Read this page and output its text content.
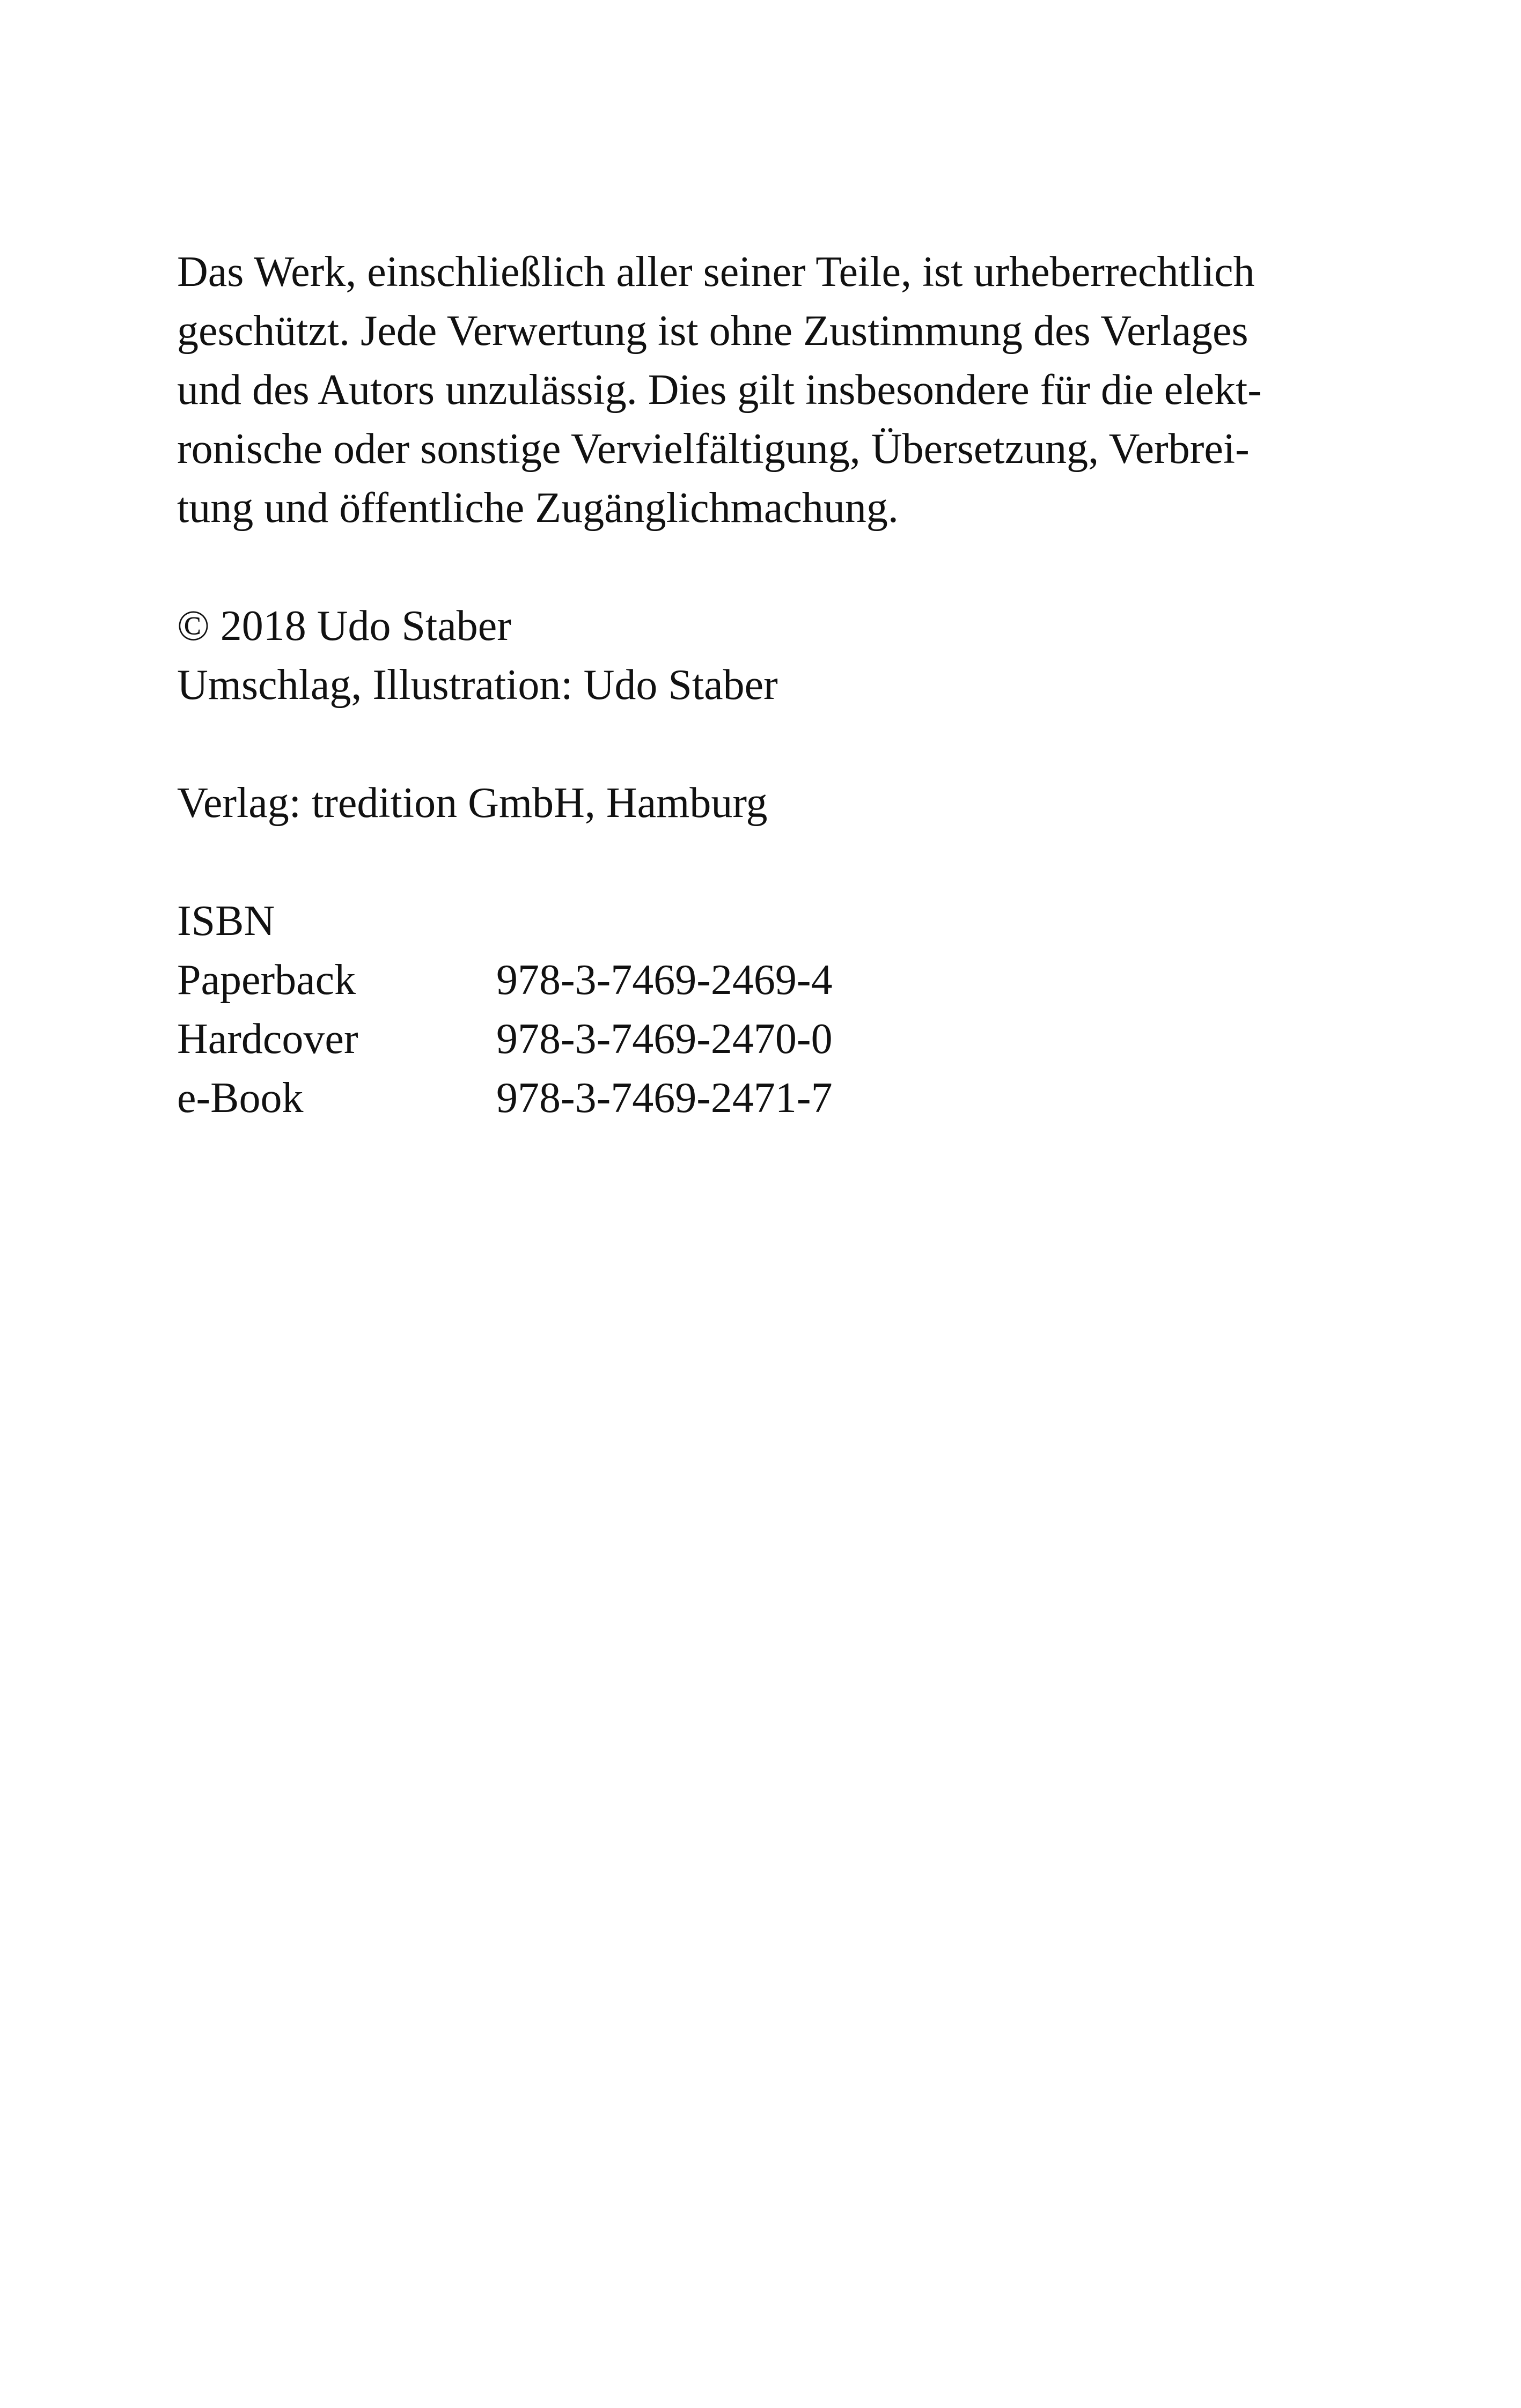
Das Werk, einschließlich aller seiner Teile, ist urheberrechtlich
geschützt. Jede Verwertung ist ohne Zustimmung des Verlages
und des Autors unzulässig. Dies gilt insbesondere für die elekt-
ronische oder sonstige Vervielfältigung, Übersetzung, Verbrei-
tung und öffentliche Zugänglichmachung.
© 2018 Udo Staber
Umschlag, Illustration: Udo Staber
Verlag: tredition GmbH, Hamburg
ISBN
Paperback	978-3-7469-2469-4
Hardcover	978-3-7469-2470-0
e-Book	978-3-7469-2471-7
